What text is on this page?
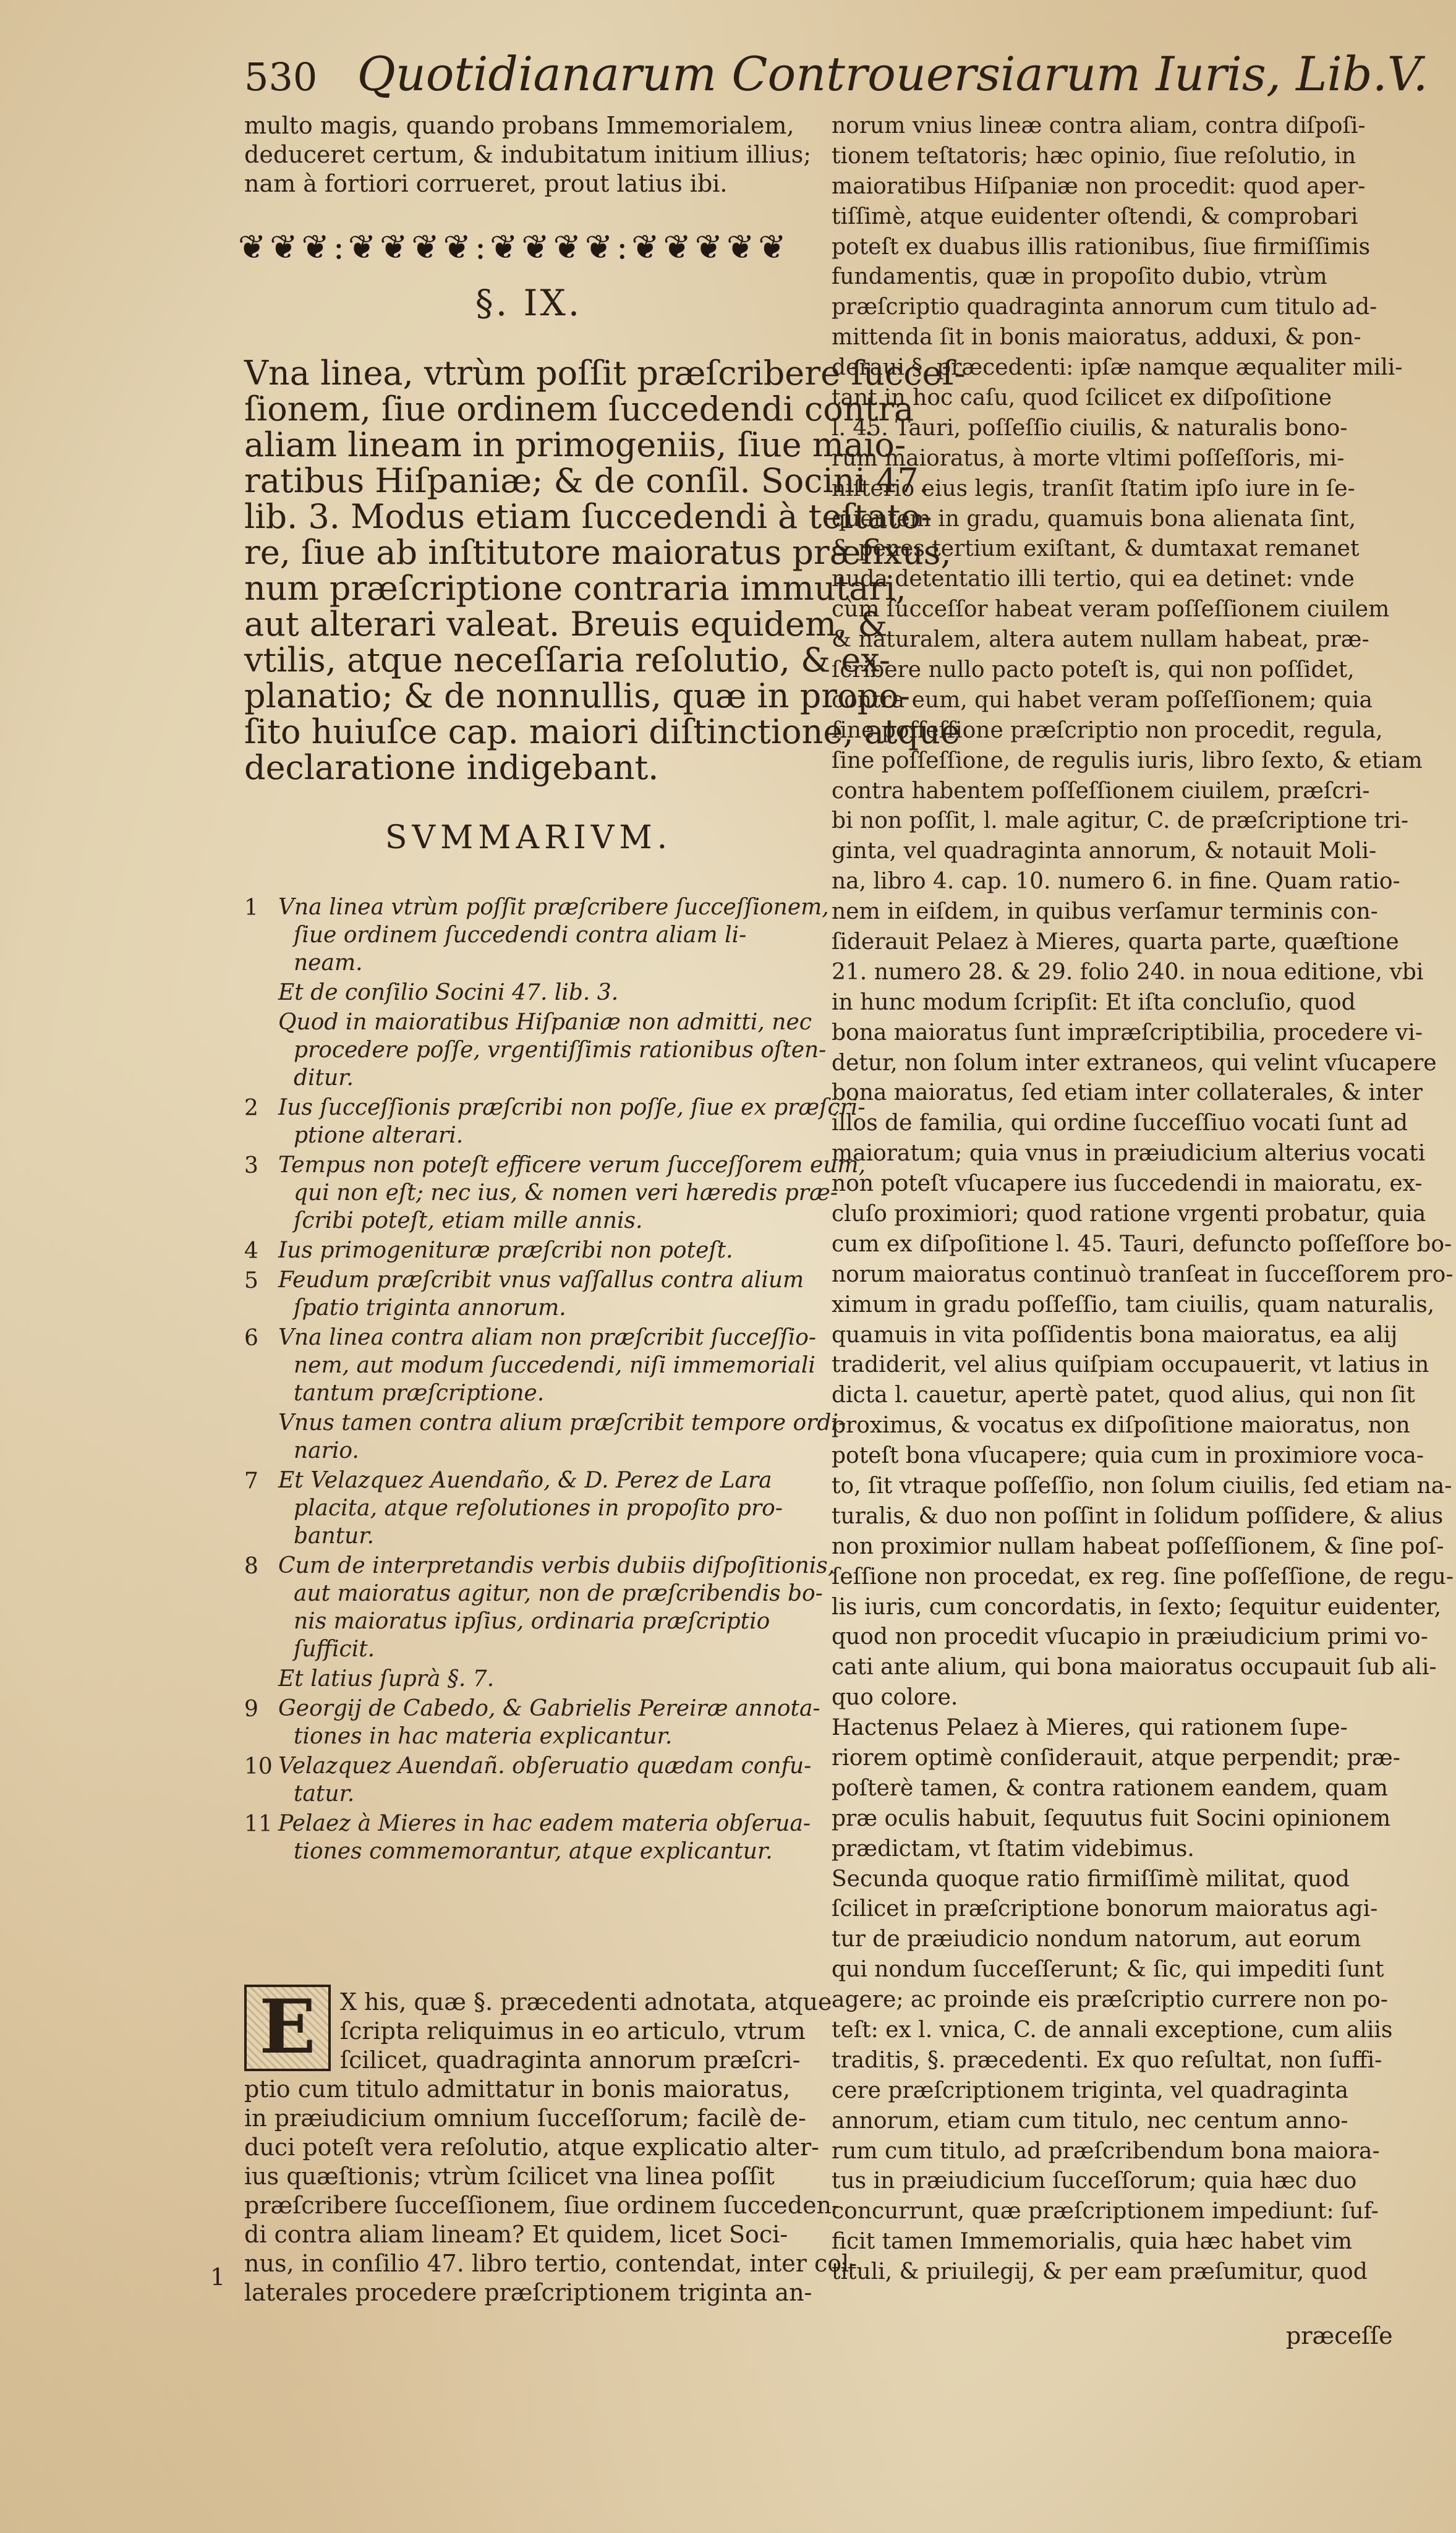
530 Quotidianarum Controuersiarum Iuris, Lib.V.
multo magis, quando probans Immemorialem,
deduceret certum, & indubitatum initium illius;
nam à fortiori corrueret, prout latius ibi.
❦❦❦:❦❦❦❦:❦❦❦❦:❦❦❦❦❦
§. IX.
Vna linea, vtrùm poſſit præſcribere ſucceſ-
ſionem, ſiue ordinem ſuccedendi contra
aliam lineam in primogeniis, ſiue maio-
ratibus Hiſpaniæ; & de conſil. Socini 47.
lib. 3. Modus etiam ſuccedendi à teſtato-
re, ſiue ab inſtitutore maioratus præfixus,
num præſcriptione contraria immutari,
aut alterari valeat. Breuis equidem, &
vtilis, atque neceſſaria reſolutio, & ex-
planatio; & de nonnullis, quæ in propo-
ſito huiuſce cap. maiori diſtinctione, atque
declaratione indigebant.
SVMMARIVM.
1 Vna linea vtrùm poſſit præſcribere ſucceſſionem,
ſiue ordinem ſuccedendi contra aliam li-
neam.
Et de conſilio Socini 47. lib. 3.
Quod in maioratibus Hiſpaniæ non admitti, nec
procedere poſſe, vrgentiſſimis rationibus oſten-
ditur.
2 Ius ſucceſſionis præſcribi non poſſe, ſiue ex præſcri-
ptione alterari.
3 Tempus non poteſt efficere verum ſucceſſorem eum,
qui non eſt; nec ius, & nomen veri hæredis præ-
ſcribi poteſt, etiam mille annis.
4 Ius primogenituræ præſcribi non poteſt.
5 Feudum præſcribit vnus vaſſallus contra alium
ſpatio triginta annorum.
6 Vna linea contra aliam non præſcribit ſucceſſio-
nem, aut modum ſuccedendi, niſi immemoriali
tantum præſcriptione.
Vnus tamen contra alium præſcribit tempore ordi-
nario.
7 Et Velazquez Auendaño, & D. Perez de Lara
placita, atque reſolutiones in propoſito pro-
bantur.
8 Cum de interpretandis verbis dubiis diſpoſitionis,
aut maioratus agitur, non de præſcribendis bo-
nis maioratus ipſius, ordinaria præſcriptio
ſufficit.
Et latius ſuprà §. 7.
9 Georgij de Cabedo, & Gabrielis Pereiræ annota-
tiones in hac materia explicantur.
10 Velazquez Auendañ. obſeruatio quædam confu-
tatur.
11 Pelaez à Mieres in hac eadem materia obſerua-
tiones commemorantur, atque explicantur.
E	X his, quæ §. præcedenti adnotata, atque
ſcripta reliquimus in eo articulo, vtrum
ſcilicet, quadraginta annorum præſcri-
ptio cum titulo admittatur in bonis maioratus,
in præiudicium omnium ſucceſſorum; facilè de-
duci poteſt vera reſolutio, atque explicatio alter-
ius quæſtionis; vtrùm ſcilicet vna linea poſſit
præſcribere ſucceſſionem, ſiue ordinem ſucceden-
di contra aliam lineam? Et quidem, licet Soci-
nus, in conſilio 47. libro tertio, contendat, inter col-
laterales procedere præſcriptionem triginta an-
1
norum vnius lineæ contra aliam, contra diſpoſi-
tionem teſtatoris; hæc opinio, ſiue reſolutio, in
maioratibus Hiſpaniæ non procedit: quod aper-
tiſſimè, atque euidenter oſtendi, & comprobari
poteſt ex duabus illis rationibus, ſiue firmiſſimis
fundamentis, quæ in propoſito dubio, vtrùm
præſcriptio quadraginta annorum cum titulo ad-
mittenda ſit in bonis maioratus, adduxi, & pon-
deraui §. præcedenti: ipſæ namque æqualiter mili-
tant in hoc caſu, quod ſcilicet ex diſpoſitione
l. 45. Tauri, poſſeſſio ciuilis, & naturalis bono-
rum maioratus, à morte vltimi poſſeſſoris, mi-
niſterio eius legis, tranſit ſtatim ipſo iure in ſe-
quentem in gradu, quamuis bona alienata ſint,
& penes tertium exiſtant, & dumtaxat remanet
nuda detentatio illi tertio, qui ea detinet: vnde
cùm ſucceſſor habeat veram poſſeſſionem ciuilem
& naturalem, altera autem nullam habeat, præ-
ſcribere nullo pacto poteſt is, qui non poſſidet,
contra eum, qui habet veram poſſeſſionem; quia
ſine poſſeſſione præſcriptio non procedit, regula,
ſine poſſeſſione, de regulis iuris, libro ſexto, & etiam
contra habentem poſſeſſionem ciuilem, præſcri-
bi non poſſit, l. male agitur, C. de præſcriptione tri-
ginta, vel quadraginta annorum, & notauit Moli-
na, libro 4. cap. 10. numero 6. in fine. Quam ratio-
nem in eiſdem, in quibus verſamur terminis con-
ſiderauit Pelaez à Mieres, quarta parte, quæſtione
21. numero 28. & 29. folio 240. in noua editione, vbi
in hunc modum ſcripſit: Et iſta concluſio, quod
bona maioratus ſunt impræſcriptibilia, procedere vi-
detur, non ſolum inter extraneos, qui velint vſucapere
bona maioratus, ſed etiam inter collaterales, & inter
illos de familia, qui ordine ſucceſſiuo vocati ſunt ad
maioratum; quia vnus in præiudicium alterius vocati
non poteſt vſucapere ius ſuccedendi in maioratu, ex-
cluſo proximiori; quod ratione vrgenti probatur, quia
cum ex diſpoſitione l. 45. Tauri, defuncto poſſeſſore bo-
norum maioratus continuò tranſeat in ſucceſſorem pro-
ximum in gradu poſſeſſio, tam ciuilis, quam naturalis,
quamuis in vita poſſidentis bona maioratus, ea alij
tradiderit, vel alius quiſpiam occupauerit, vt latius in
dicta l. cauetur, apertè patet, quod alius, qui non ſit
proximus, & vocatus ex diſpoſitione maioratus, non
poteſt bona vſucapere; quia cum in proximiore voca-
to, ſit vtraque poſſeſſio, non ſolum ciuilis, ſed etiam na-
turalis, & duo non poſſint in ſolidum poſſidere, & alius
non proximior nullam habeat poſſeſſionem, & ſine poſ-
ſeſſione non procedat, ex reg. ſine poſſeſſione, de regu-
lis iuris, cum concordatis, in ſexto; ſequitur euidenter,
quod non procedit vſucapio in præiudicium primi vo-
cati ante alium, qui bona maioratus occupauit ſub ali-
quo colore.
Hactenus Pelaez à Mieres, qui rationem ſupe-
riorem optimè conſiderauit, atque perpendit; præ-
poſterè tamen, & contra rationem eandem, quam
præ oculis habuit, ſequutus fuit Socini opinionem
prædictam, vt ſtatim videbimus.
Secunda quoque ratio firmiſſimè militat, quod
ſcilicet in præſcriptione bonorum maioratus agi-
tur de præiudicio nondum natorum, aut eorum
qui nondum ſucceſſerunt; & ſic, qui impediti ſunt
agere; ac proinde eis præſcriptio currere non po-
teſt: ex l. vnica, C. de annali exceptione, cum aliis
traditis, §. præcedenti. Ex quo reſultat, non ſuffi-
cere præſcriptionem triginta, vel quadraginta
annorum, etiam cum titulo, nec centum anno-
rum cum titulo, ad præſcribendum bona maiora-
tus in præiudicium ſucceſſorum; quia hæc duo
concurrunt, quæ præſcriptionem impediunt: ſuf-
ficit tamen Immemorialis, quia hæc habet vim
tituli, & priuilegij, & per eam præſumitur, quod
præceſſe
